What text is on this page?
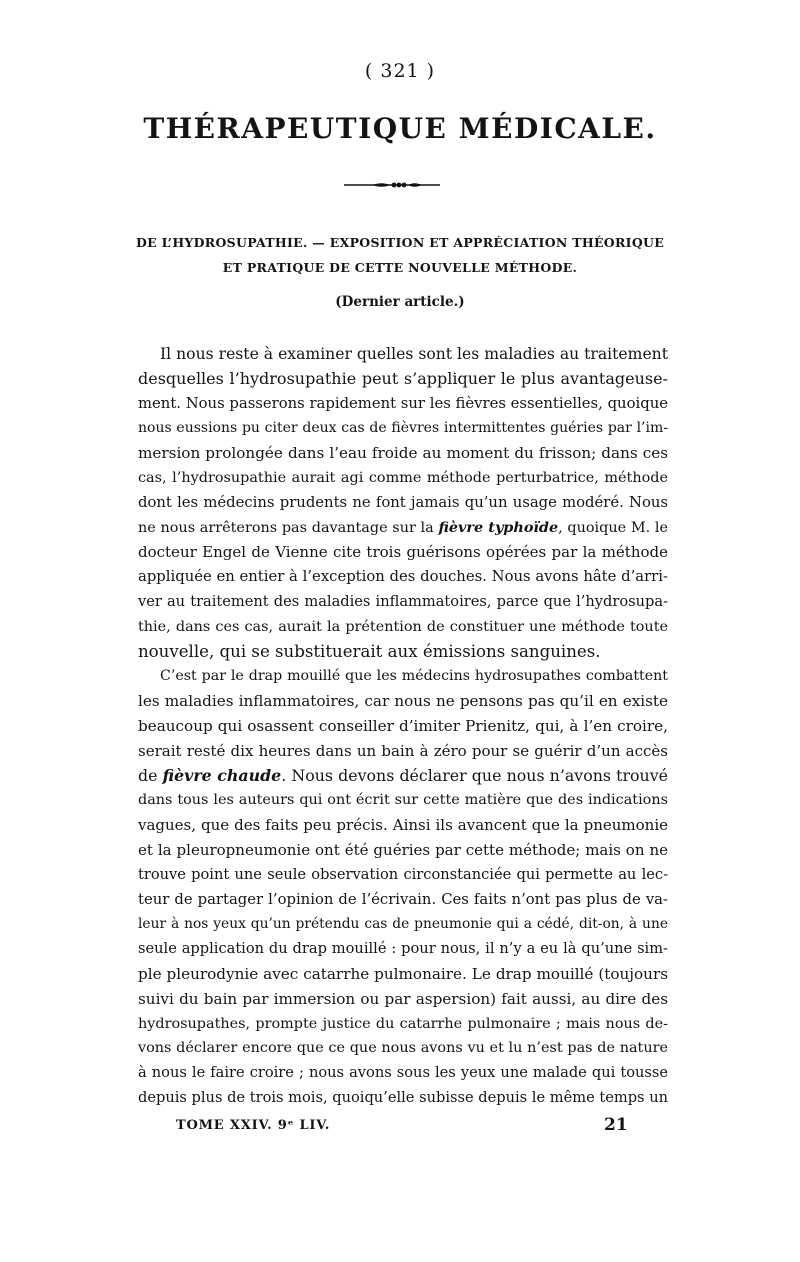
( 321 )
THÉRAPEUTIQUE MÉDICALE.
DE L’HYDROSUPATHIE. — EXPOSITION ET APPRÉCIATION THÉORIQUE
ET PRATIQUE DE CETTE NOUVELLE MÉTHODE.
(Dernier article.)
Il nous reste à examiner quelles sont les maladies au traitement
desquelles l’hydrosupathie peut s’appliquer le plus avantageuse-
ment. Nous passerons rapidement sur les fièvres essentielles, quoique
nous eussions pu citer deux cas de fièvres intermittentes guéries par l’im-
mersion prolongée dans l’eau froide au moment du frisson; dans ces
cas, l’hydrosupathie aurait agi comme méthode perturbatrice, méthode
dont les médecins prudents ne font jamais qu’un usage modéré. Nous
ne nous arrêterons pas davantage sur la fièvre typhoïde, quoique M. le
docteur Engel de Vienne cite trois guérisons opérées par la méthode
appliquée en entier à l’exception des douches. Nous avons hâte d’arri-
ver au traitement des maladies inflammatoires, parce que l’hydrosupa-
thie, dans ces cas, aurait la prétention de constituer une méthode toute
nouvelle, qui se substituerait aux émissions sanguines.
C’est par le drap mouillé que les médecins hydrosupathes combattent
les maladies inflammatoires, car nous ne pensons pas qu’il en existe
beaucoup qui osassent conseiller d’imiter Prienitz, qui, à l’en croire,
serait resté dix heures dans un bain à zéro pour se guérir d’un accès
de fièvre chaude. Nous devons déclarer que nous n’avons trouvé
dans tous les auteurs qui ont écrit sur cette matière que des indications
vagues, que des faits peu précis. Ainsi ils avancent que la pneumonie
et la pleuropneumonie ont été guéries par cette méthode; mais on ne
trouve point une seule observation circonstanciée qui permette au lec-
teur de partager l’opinion de l’écrivain. Ces faits n’ont pas plus de va-
leur à nos yeux qu’un prétendu cas de pneumonie qui a cédé, dit-on, à une
seule application du drap mouillé : pour nous, il n’y a eu là qu’une sim-
ple pleurodynie avec catarrhe pulmonaire. Le drap mouillé (toujours
suivi du bain par immersion ou par aspersion) fait aussi, au dire des
hydrosupathes, prompte justice du catarrhe pulmonaire ; mais nous de-
vons déclarer encore que ce que nous avons vu et lu n’est pas de nature
à nous le faire croire ; nous avons sous les yeux une malade qui tousse
depuis plus de trois mois, quoiqu’elle subisse depuis le même temps un
TOME XXIV. 9ᵉ LIV.	21
